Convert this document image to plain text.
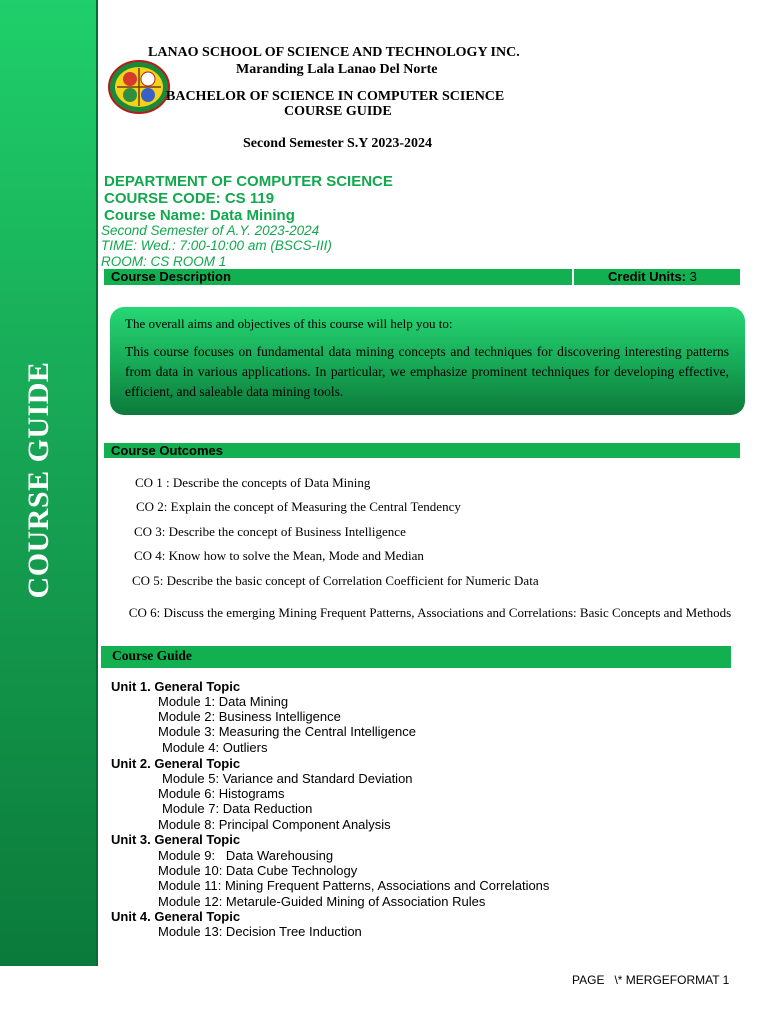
COURSE GUIDE
LANAO SCHOOL OF SCIENCE AND TECHNOLOGY INC.
Maranding Lala Lanao Del Norte
BACHELOR OF SCIENCE IN COMPUTER SCIENCE
COURSE GUIDE
Second Semester S.Y 2023-2024
DEPARTMENT OF COMPUTER SCIENCE
COURSE CODE: CS 119
Course Name: Data Mining
Second Semester of A.Y. 2023-2024
TIME: Wed.: 7:00-10:00 am (BSCS-III)
ROOM: CS ROOM 1
Course Description	Credit Units: 3
The overall aims and objectives of this course will help you to:
This course focuses on fundamental data mining concepts and techniques for discovering interesting patterns from data in various applications. In particular, we emphasize prominent techniques for developing effective, efficient, and saleable data mining tools.
Course Outcomes
CO 1 : Describe the concepts of Data Mining
CO 2: Explain the concept of Measuring the Central Tendency
CO 3: Describe the concept of Business Intelligence
CO 4: Know how to solve the Mean, Mode and Median
CO 5: Describe the basic concept of Correlation Coefficient for Numeric Data
CO 6: Discuss the emerging Mining Frequent Patterns, Associations and Correlations: Basic Concepts and Methods
Course Guide
Unit 1. General Topic
Module 1: Data Mining
Module 2: Business Intelligence
Module 3: Measuring the Central Intelligence
Module 4: Outliers
Unit 2. General Topic
Module 5: Variance and Standard Deviation
Module 6: Histograms
Module 7: Data Reduction
Module 8: Principal Component Analysis
Unit 3. General Topic
Module 9:   Data Warehousing
Module 10: Data Cube Technology
Module 11: Mining Frequent Patterns, Associations and Correlations
Module 12: Metarule-Guided Mining of Association Rules
Unit 4. General Topic
Module 13: Decision Tree Induction
PAGE   \* MERGEFORMAT 1
